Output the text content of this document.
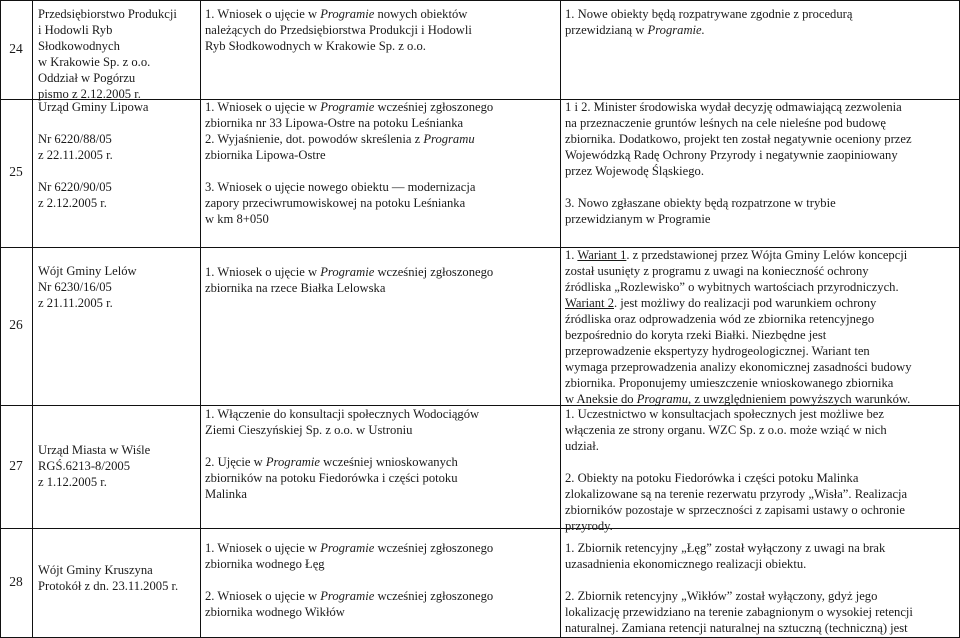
24
Przedsiębiorstwo Produkcji
i Hodowli Ryb
Słodkowodnych
w Krakowie Sp. z o.o.
Oddział w Pogórzu
pismo z 2.12.2005 r.
1. Wniosek o ujęcie w Programie nowych obiektów
należących do Przedsiębiorstwa Produkcji i Hodowli
Ryb Słodkowodnych w Krakowie Sp. z o.o.
1. Nowe obiekty będą rozpatrywane zgodnie z procedurą
przewidzianą w Programie.
25
Urząd Gminy Lipowa
Nr 6220/88/05
z 22.11.2005 r.
Nr 6220/90/05
z 2.12.2005 r.
1. Wniosek o ujęcie w Programie wcześniej zgłoszonego
zbiornika nr 33 Lipowa-Ostre na potoku Leśnianka
2. Wyjaśnienie, dot. powodów skreślenia z Programu
zbiornika Lipowa-Ostre
3. Wniosek o ujęcie nowego obiektu — modernizacja
zapory przeciwrumowiskowej na potoku Leśnianka
w km 8+050
1 i 2. Minister środowiska wydał decyzję odmawiającą zezwolenia
na przeznaczenie gruntów leśnych na cele nieleśne pod budowę
zbiornika. Dodatkowo, projekt ten został negatywnie oceniony przez
Wojewódzką Radę Ochrony Przyrody i negatywnie zaopiniowany
przez Wojewodę Śląskiego.
3. Nowo zgłaszane obiekty będą rozpatrzone w trybie
przewidzianym w Programie
26
Wójt Gminy Lelów
Nr 6230/16/05
z 21.11.2005 r.
1. Wniosek o ujęcie w Programie wcześniej zgłoszonego
zbiornika na rzece Białka Lelowska
1. Wariant 1. z przedstawionej przez Wójta Gminy Lelów koncepcji
został usunięty z programu z uwagi na konieczność ochrony
źródliska „Rozlewisko” o wybitnych wartościach przyrodniczych.
Wariant 2. jest możliwy do realizacji pod warunkiem ochrony
źródliska oraz odprowadzenia wód ze zbiornika retencyjnego
bezpośrednio do koryta rzeki Białki. Niezbędne jest
przeprowadzenie ekspertyzy hydrogeologicznej. Wariant ten
wymaga przeprowadzenia analizy ekonomicznej zasadności budowy
zbiornika. Proponujemy umieszczenie wnioskowanego zbiornika
w Aneksie do Programu, z uwzględnieniem powyższych warunków.
27
Urząd Miasta w Wiśle
RGŚ.6213-8/2005
z 1.12.2005 r.
1. Włączenie do konsultacji społecznych Wodociągów
Ziemi Cieszyńskiej Sp. z o.o. w Ustroniu
2. Ujęcie w Programie wcześniej wnioskowanych
zbiorników na potoku Fiedorówka i części potoku
Malinka
1. Uczestnictwo w konsultacjach społecznych jest możliwe bez
włączenia ze strony organu. WZC Sp. z o.o. może wziąć w nich
udział.
2. Obiekty na potoku Fiedorówka i części potoku Malinka
zlokalizowane są na terenie rezerwatu przyrody „Wisła”. Realizacja
zbiorników pozostaje w sprzeczności z zapisami ustawy o ochronie
przyrody.
28
Wójt Gminy Kruszyna
Protokół z dn. 23.11.2005 r.
1. Wniosek o ujęcie w Programie wcześniej zgłoszonego
zbiornika wodnego Łęg
2. Wniosek o ujęcie w Programie wcześniej zgłoszonego
zbiornika wodnego Wikłów
1. Zbiornik retencyjny „Łęg” został wyłączony z uwagi na brak
uzasadnienia ekonomicznego realizacji obiektu.
2. Zbiornik retencyjny „Wikłów” został wyłączony, gdyż jego
lokalizację przewidziano na terenie zabagnionym o wysokiej retencji
naturalnej. Zamiana retencji naturalnej na sztuczną (techniczną) jest
